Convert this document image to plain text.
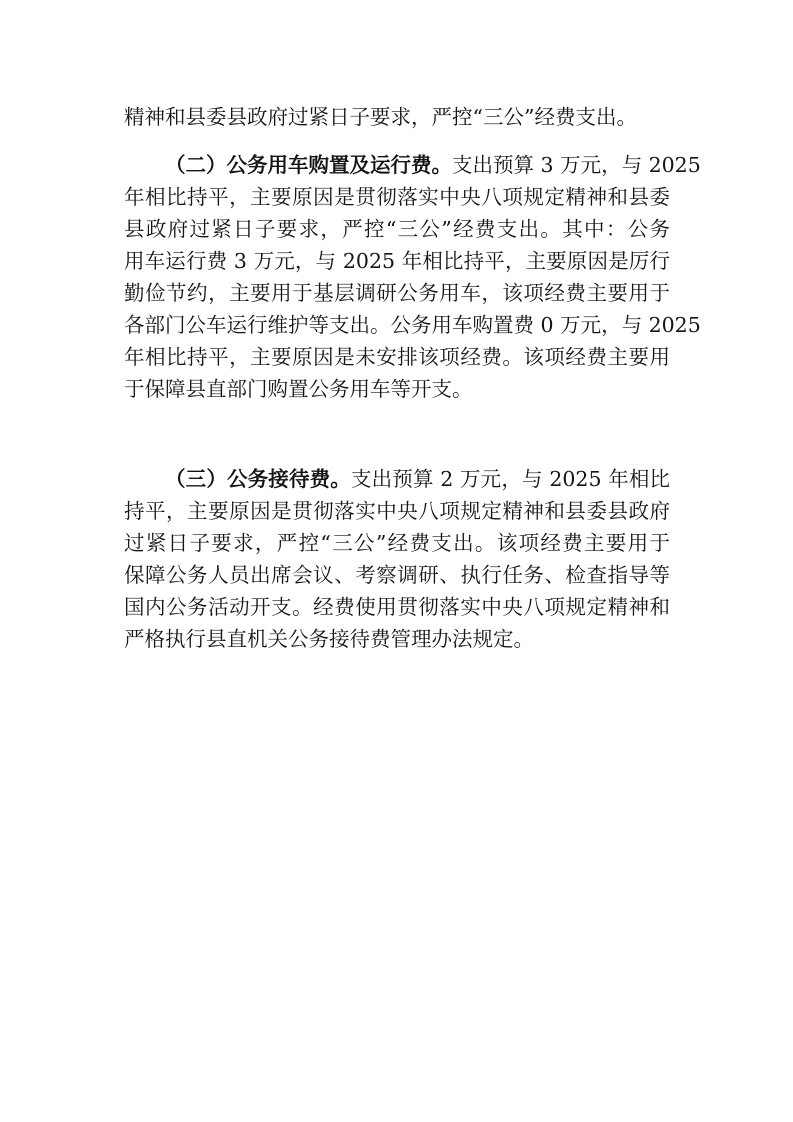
精神和县委县政府过紧日子要求，严控“三公”经费支出。

（二）公务用车购置及运行费。支出预算 3 万元，与 2025
年相比持平，主要原因是贯彻落实中央八项规定精神和县委
县政府过紧日子要求，严控“三公”经费支出。其中：公务
用车运行费 3 万元，与 2025 年相比持平，主要原因是厉行
勤俭节约，主要用于基层调研公务用车，该项经费主要用于
各部门公车运行维护等支出。公务用车购置费 0 万元，与 2025
年相比持平，主要原因是未安排该项经费。该项经费主要用
于保障县直部门购置公务用车等开支。

（三）公务接待费。支出预算 2 万元，与 2025 年相比
持平，主要原因是贯彻落实中央八项规定精神和县委县政府
过紧日子要求，严控“三公”经费支出。该项经费主要用于
保障公务人员出席会议、考察调研、执行任务、检查指导等
国内公务活动开支。经费使用贯彻落实中央八项规定精神和
严格执行县直机关公务接待费管理办法规定。
